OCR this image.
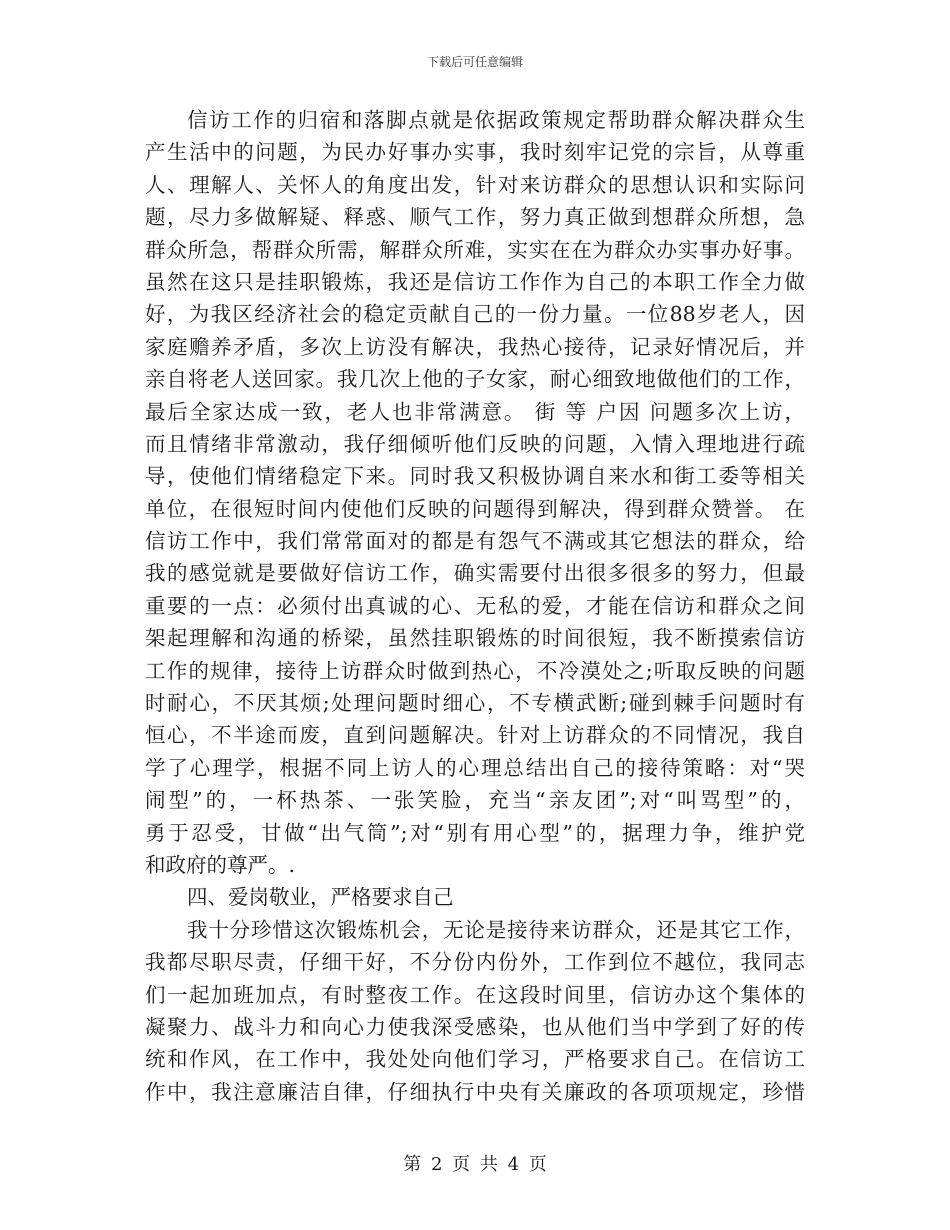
下载后可任意编辑
信访工作的归宿和落脚点就是依据政策规定帮助群众解决群众生
产生活中的问题，为民办好事办实事，我时刻牢记党的宗旨，从尊重
人、理解人、关怀人的角度出发，针对来访群众的思想认识和实际问
题，尽力多做解疑、释惑、顺气工作，努力真正做到想群众所想，急
群众所急，帮群众所需，解群众所难，实实在在为群众办实事办好事。
虽然在这只是挂职锻炼，我还是信访工作作为自己的本职工作全力做
好，为我区经济社会的稳定贡献自己的一份力量。一位88岁老人，因
家庭赡养矛盾，多次上访没有解决，我热心接待，记录好情况后，并
亲自将老人送回家。我几次上他的子女家，耐心细致地做他们的工作，
最后全家达成一致，老人也非常满意。 街 等 户因 问题多次上访，
而且情绪非常激动，我仔细倾听他们反映的问题，入情入理地进行疏
导，使他们情绪稳定下来。同时我又积极协调自来水和街工委等相关
单位，在很短时间内使他们反映的问题得到解决，得到群众赞誉。 在
信访工作中，我们常常面对的都是有怨气不满或其它想法的群众，给
我的感觉就是要做好信访工作，确实需要付出很多很多的努力，但最
重要的一点：必须付出真诚的心、无私的爱，才能在信访和群众之间
架起理解和沟通的桥梁，虽然挂职锻炼的时间很短，我不断摸索信访
工作的规律，接待上访群众时做到热心，不冷漠处之;听取反映的问题
时耐心，不厌其烦;处理问题时细心，不专横武断;碰到棘手问题时有
恒心，不半途而废，直到问题解决。针对上访群众的不同情况，我自
学了心理学，根据不同上访人的心理总结出自己的接待策略：对“哭
闹型”的，一杯热茶、一张笑脸，充当“亲友团”;对“叫骂型”的，
勇于忍受，甘做“出气筒”;对“别有用心型”的，据理力争，维护党
和政府的尊严。.
四、爱岗敬业，严格要求自己
我十分珍惜这次锻炼机会，无论是接待来访群众，还是其它工作，
我都尽职尽责，仔细干好，不分份内份外，工作到位不越位，我同志
们一起加班加点，有时整夜工作。在这段时间里，信访办这个集体的
凝聚力、战斗力和向心力使我深受感染，也从他们当中学到了好的传
统和作风，在工作中，我处处向他们学习，严格要求自己。在信访工
作中，我注意廉洁自律，仔细执行中央有关廉政的各项项规定，珍惜
第 2 页 共 4 页
